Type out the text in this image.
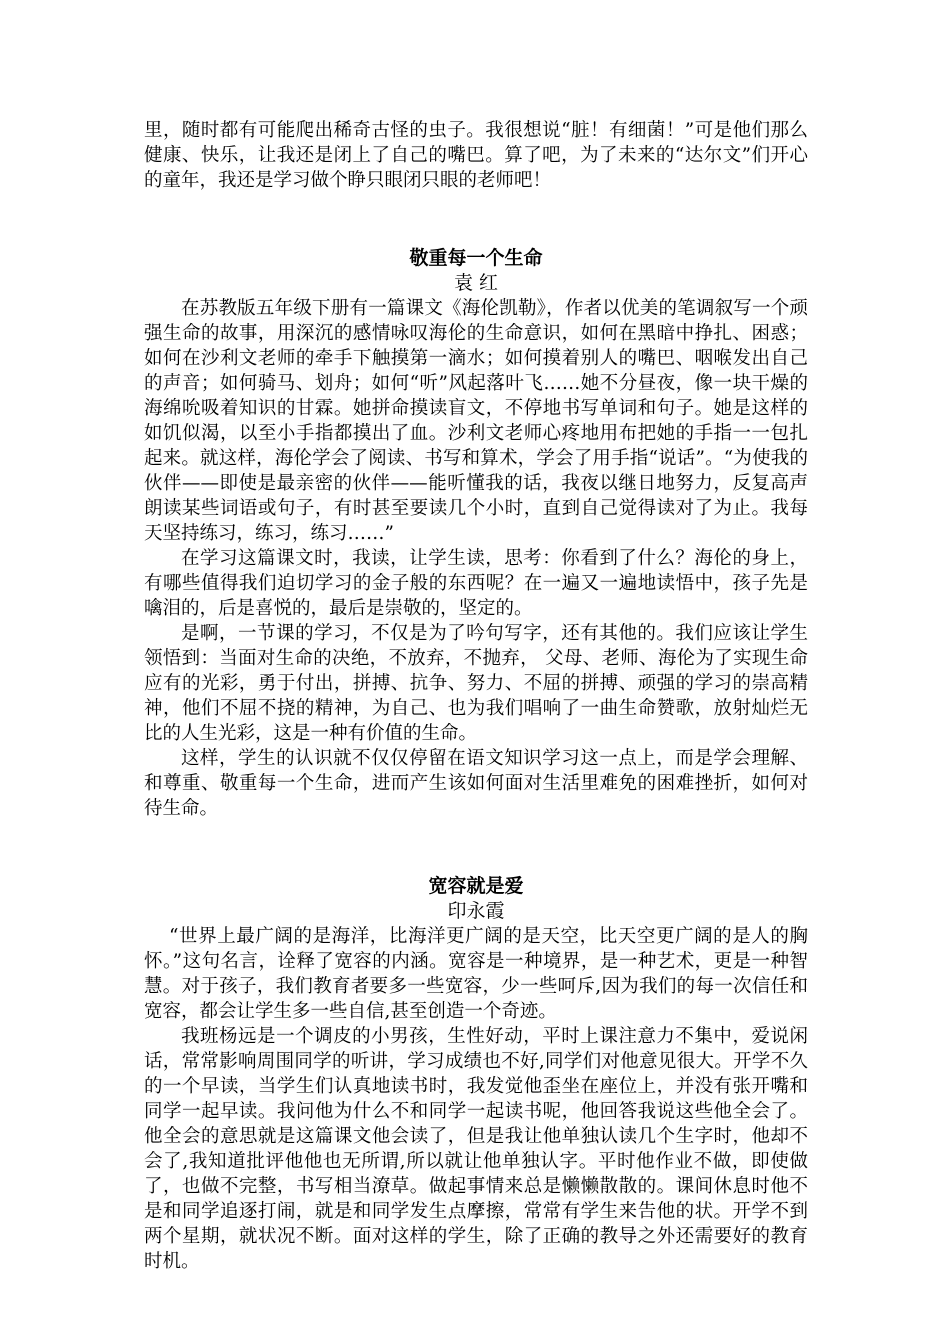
里，随时都有可能爬出稀奇古怪的虫子。我很想说“脏！有细菌！”可是他们那么健康、快乐，让我还是闭上了自己的嘴巴。算了吧，为了未来的“达尔文”们开心的童年，我还是学习做个睁只眼闭只眼的老师吧！

敬重每一个生命
袁 红

在苏教版五年级下册有一篇课文《海伦凯勒》，作者以优美的笔调叙写一个顽强生命的故事，用深沉的感情咏叹海伦的生命意识，如何在黑暗中挣扎、困惑；如何在沙利文老师的牵手下触摸第一滴水；如何摸着别人的嘴巴、咽喉发出自己的声音；如何骑马、划舟；如何“听”风起落叶飞……她不分昼夜，像一块干燥的海绵吮吸着知识的甘霖。她拼命摸读盲文，不停地书写单词和句子。她是这样的如饥似渴，以至小手指都摸出了血。沙利文老师心疼地用布把她的手指一一包扎起来。就这样，海伦学会了阅读、书写和算术，学会了用手指“说话”。“为使我的伙伴——即使是最亲密的伙伴——能听懂我的话，我夜以继日地努力，反复高声朗读某些词语或句子，有时甚至要读几个小时，直到自己觉得读对了为止。我每天坚持练习，练习，练习……”

在学习这篇课文时，我读，让学生读，思考：你看到了什么？海伦的身上，有哪些值得我们迫切学习的金子般的东西呢？在一遍又一遍地读悟中，孩子先是噙泪的，后是喜悦的，最后是崇敬的，坚定的。

是啊，一节课的学习，不仅是为了吟句写字，还有其他的。我们应该让学生领悟到：当面对生命的决绝，不放弃，不抛弃， 父母、老师、海伦为了实现生命应有的光彩，勇于付出，拼搏、抗争、努力、不屈的拼搏、顽强的学习的崇高精神，他们不屈不挠的精神，为自己、也为我们唱响了一曲生命赞歌，放射灿烂无比的人生光彩，这是一种有价值的生命。

这样，学生的认识就不仅仅停留在语文知识学习这一点上，而是学会理解、和尊重、敬重每一个生命，进而产生该如何面对生活里难免的困难挫折，如何对待生命。

宽容就是爱
印永霞

“世界上最广阔的是海洋，比海洋更广阔的是天空，比天空更广阔的是人的胸怀。”这句名言，诠释了宽容的内涵。宽容是一种境界，是一种艺术，更是一种智慧。对于孩子，我们教育者要多一些宽容，少一些呵斥,因为我们的每一次信任和宽容，都会让学生多一些自信,甚至创造一个奇迹。

我班杨远是一个调皮的小男孩，生性好动，平时上课注意力不集中，爱说闲话，常常影响周围同学的听讲，学习成绩也不好,同学们对他意见很大。开学不久的一个早读，当学生们认真地读书时，我发觉他歪坐在座位上，并没有张开嘴和同学一起早读。我问他为什么不和同学一起读书呢，他回答我说这些他全会了。他全会的意思就是这篇课文他会读了，但是我让他单独认读几个生字时，他却不会了,我知道批评他他也无所谓,所以就让他单独认字。平时他作业不做，即使做了，也做不完整，书写相当潦草。做起事情来总是懒懒散散的。课间休息时他不是和同学追逐打闹，就是和同学发生点摩擦，常常有学生来告他的状。开学不到两个星期，就状况不断。面对这样的学生，除了正确的教导之外还需要好的教育时机。
